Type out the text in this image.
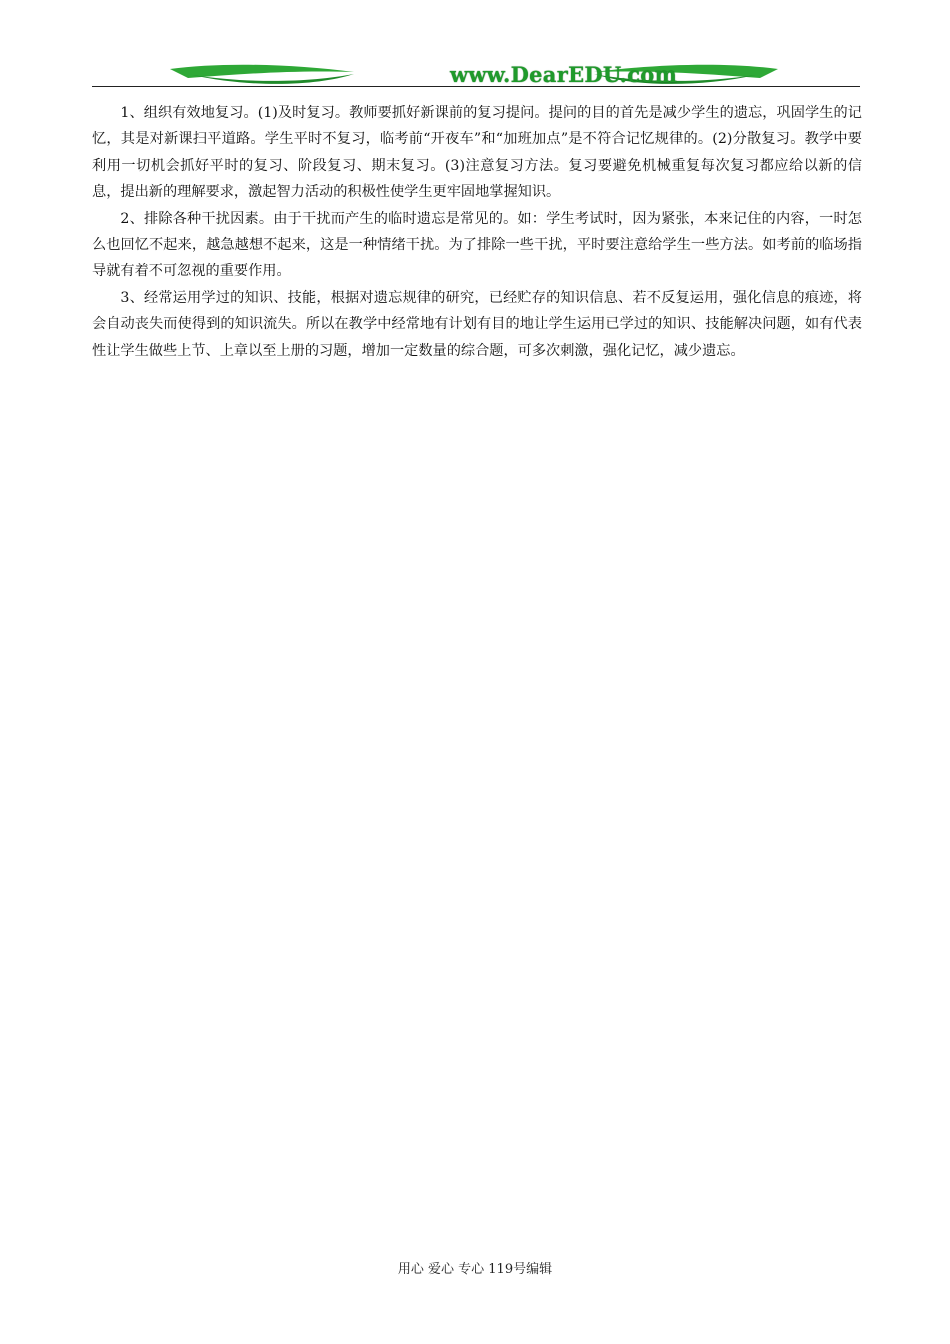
www.DearEDU.com

1、组织有效地复习。(1)及时复习。教师要抓好新课前的复习提问。提问的目的首先是减少学生的遗忘，巩固学生的记忆，其是对新课扫平道路。学生平时不复习，临考前“开夜车”和“加班加点”是不符合记忆规律的。(2)分散复习。教学中要利用一切机会抓好平时的复习、阶段复习、期末复习。(3)注意复习方法。复习要避免机械重复每次复习都应给以新的信息，提出新的理解要求，激起智力活动的积极性使学生更牢固地掌握知识。

2、排除各种干扰因素。由于干扰而产生的临时遗忘是常见的。如：学生考试时，因为紧张，本来记住的内容，一时怎么也回忆不起来，越急越想不起来，这是一种情绪干扰。为了排除一些干扰，平时要注意给学生一些方法。如考前的临场指导就有着不可忽视的重要作用。

3、经常运用学过的知识、技能，根据对遗忘规律的研究，已经贮存的知识信息、若不反复运用，强化信息的痕迹，将会自动丧失而使得到的知识流失。所以在教学中经常地有计划有目的地让学生运用已学过的知识、技能解决问题，如有代表性让学生做些上节、上章以至上册的习题，增加一定数量的综合题，可多次刺激，强化记忆，减少遗忘。

用心 爱心 专心 119号编辑
